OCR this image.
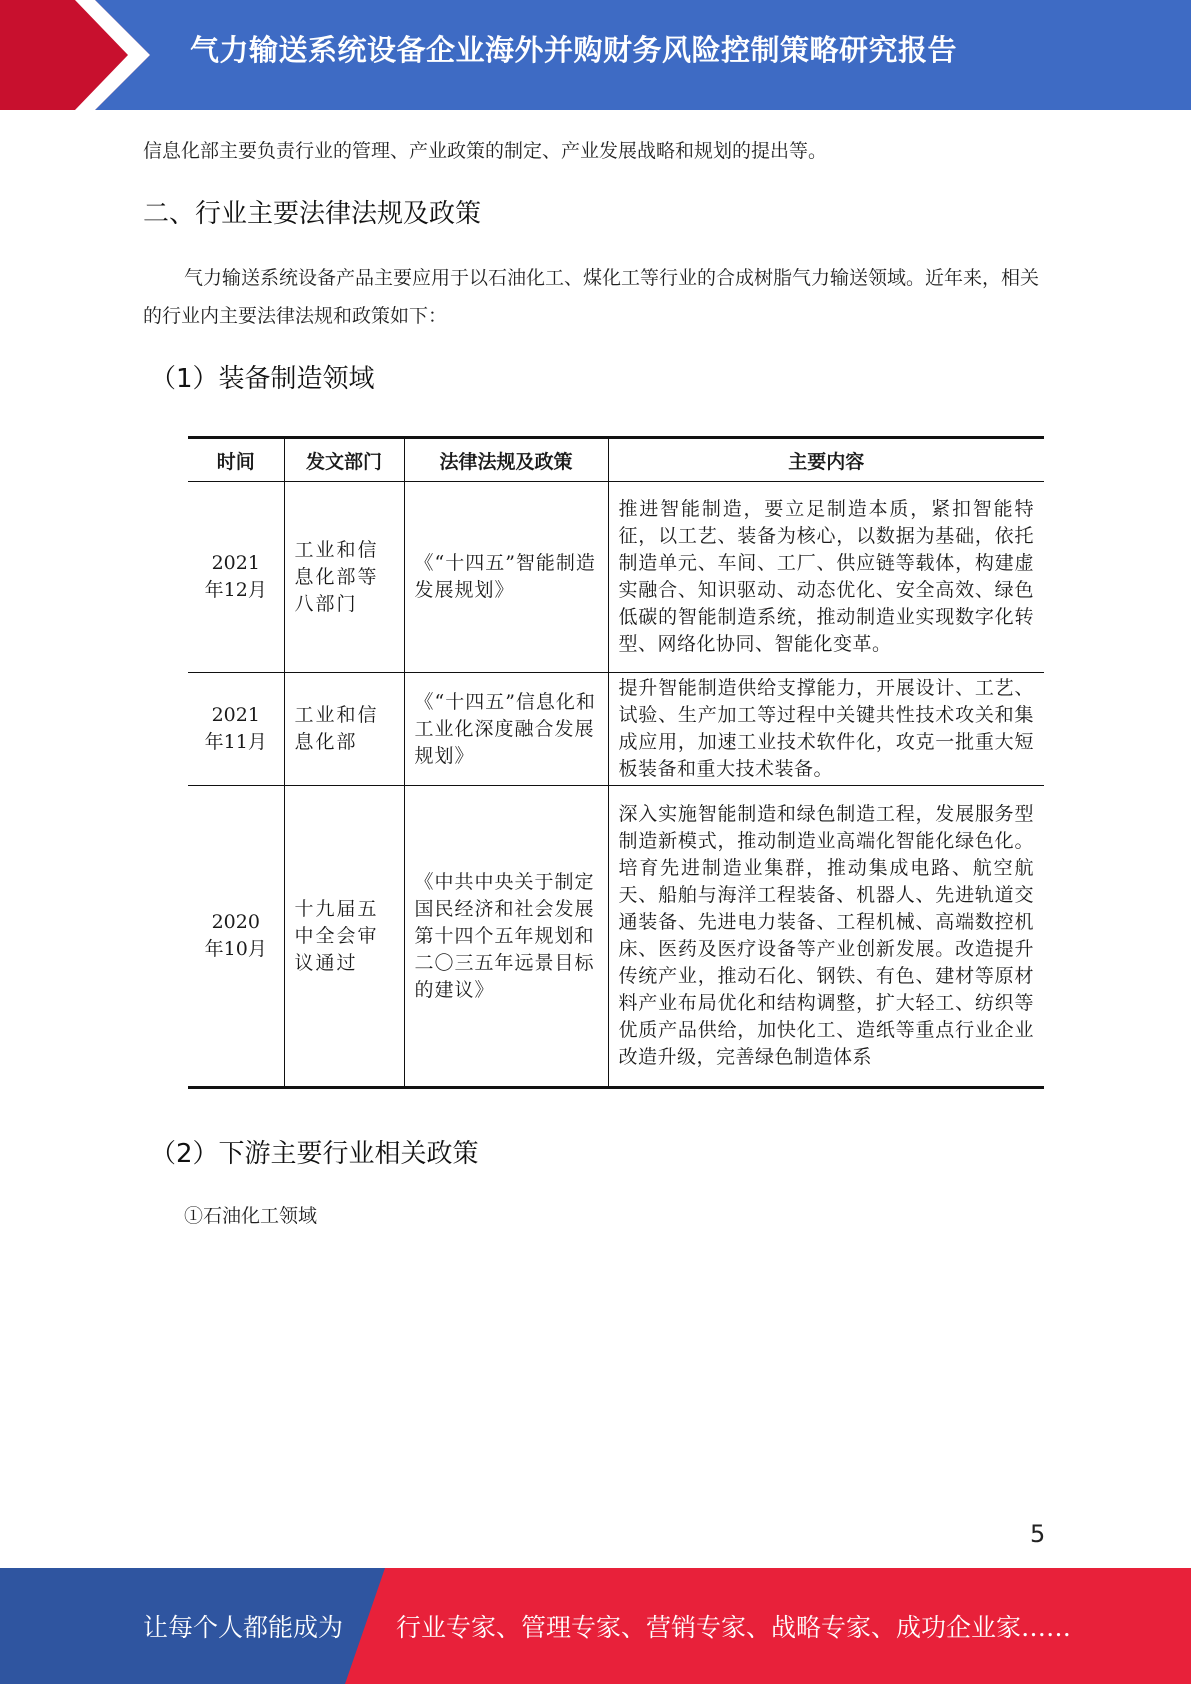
气力输送系统设备企业海外并购财务风险控制策略研究报告
信息化部主要负责行业的管理、产业政策的制定、产业发展战略和规划的提出等。
二、行业主要法律法规及政策
气力输送系统设备产品主要应用于以石油化工、煤化工等行业的合成树脂气力输送领域。近年来，相关的行业内主要法律法规和政策如下：
（1）装备制造领域
时间	发文部门	法律法规及政策	主要内容

2021年12月	工业和信息化部等八部门	《“十四五”智能制造发展规划》	推进智能制造，要立足制造本质，紧扣智能特征，以工艺、装备为核心，以数据为基础，依托制造单元、车间、工厂、供应链等载体，构建虚实融合、知识驱动、动态优化、安全高效、绿色低碳的智能制造系统，推动制造业实现数字化转型、网络化协同、智能化变革。

2021年11月	工业和信息化部	《“十四五”信息化和工业化深度融合发展规划》	提升智能制造供给支撑能力，开展设计、工艺、试验、生产加工等过程中关键共性技术攻关和集成应用，加速工业技术软件化，攻克一批重大短板装备和重大技术装备。

2020年10月	十九届五中全会审议通过	《中共中央关于制定国民经济和社会发展第十四个五年规划和二〇三五年远景目标的建议》	深入实施智能制造和绿色制造工程，发展服务型制造新模式，推动制造业高端化智能化绿色化。培育先进制造业集群，推动集成电路、航空航天、船舶与海洋工程装备、机器人、先进轨道交通装备、先进电力装备、工程机械、高端数控机床、医药及医疗设备等产业创新发展。改造提升传统产业，推动石化、钢铁、有色、建材等原材料产业布局优化和结构调整，扩大轻工、纺织等优质产品供给，加快化工、造纸等重点行业企业改造升级，完善绿色制造体系
（2）下游主要行业相关政策
①石油化工领域
5
让每个人都能成为 行业专家、管理专家、营销专家、战略专家、成功企业家……
